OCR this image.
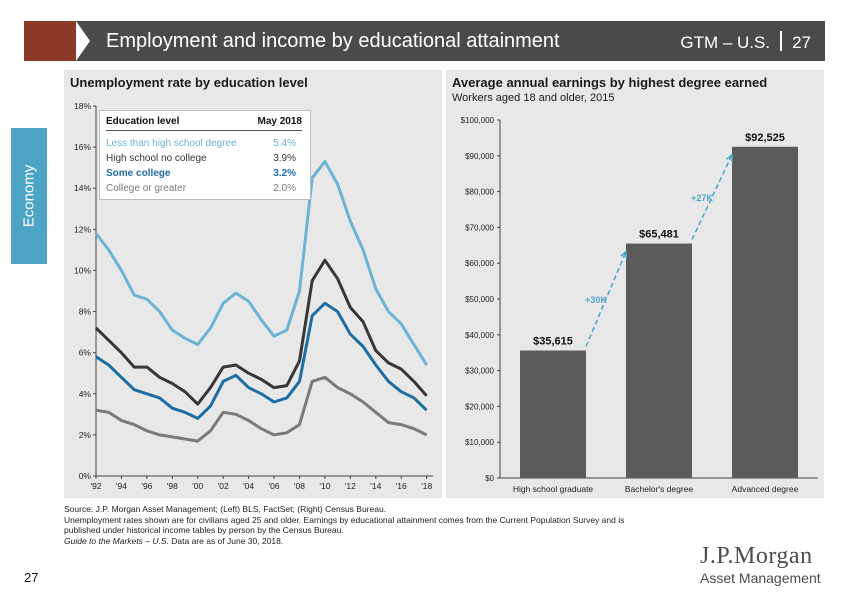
Employment and income by educational attainment	GTM – U.S. 27
Economy
Unemployment rate by education level	Average annual earnings by highest degree earned
Workers aged 18 and older, 2015
0%
2%
4%
6%
8%
10%
12%
14%
16%
18%
'92 '94 '96 '98 '00 '02 '04 '06 '08 '10 '12 '14 '16 '18
$0
$10,000
$20,000
$30,000
$40,000
$50,000
$60,000
$70,000
$80,000
$90,000
$100,000
$35,615
High school graduate
$65,481
Bachelor's degree
$92,525
Advanced degree
+30K
+27K
Education level	May 2018
Less than high school degree	5.4%
High school no college	3.9%
Some college	3.2%
College or greater	2.0%
Source: J.P. Morgan Asset Management; (Left) BLS, FactSet; (Right) Census Bureau.
Unemployment rates shown are for civilians aged 25 and older. Earnings by educational attainment comes from the Current Population Survey and is
published under historical income tables by person by the Census Bureau.
Guide to the Markets – U.S. Data are as of June 30, 2018.
27
J.P.Morgan
Asset Management
